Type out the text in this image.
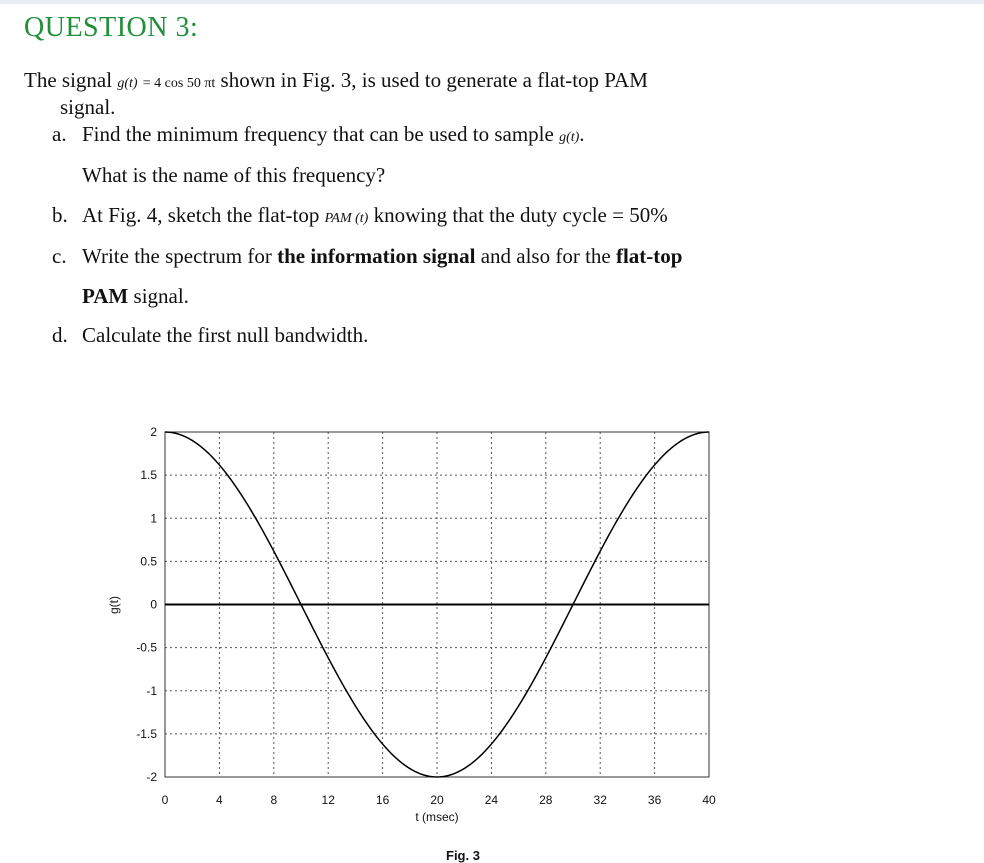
QUESTION 3:
The signal g(t) = 4 cos 50 πt shown in Fig. 3, is used to generate a flat-top PAM
signal.
a. Find the minimum frequency that can be used to sample g(t).
What is the name of this frequency?
b. At Fig. 4, sketch the flat-top PAM (t) knowing that the duty cycle = 50%
c. Write the spectrum for the information signal and also for the flat-top
PAM signal.
d. Calculate the first null bandwidth.
0	4	8	12	16	20	24	28	32	36	40
2
1.5
1
0.5
0
-0.5
-1
-1.5
-2
t (msec)
g(t)
Fig. 3
